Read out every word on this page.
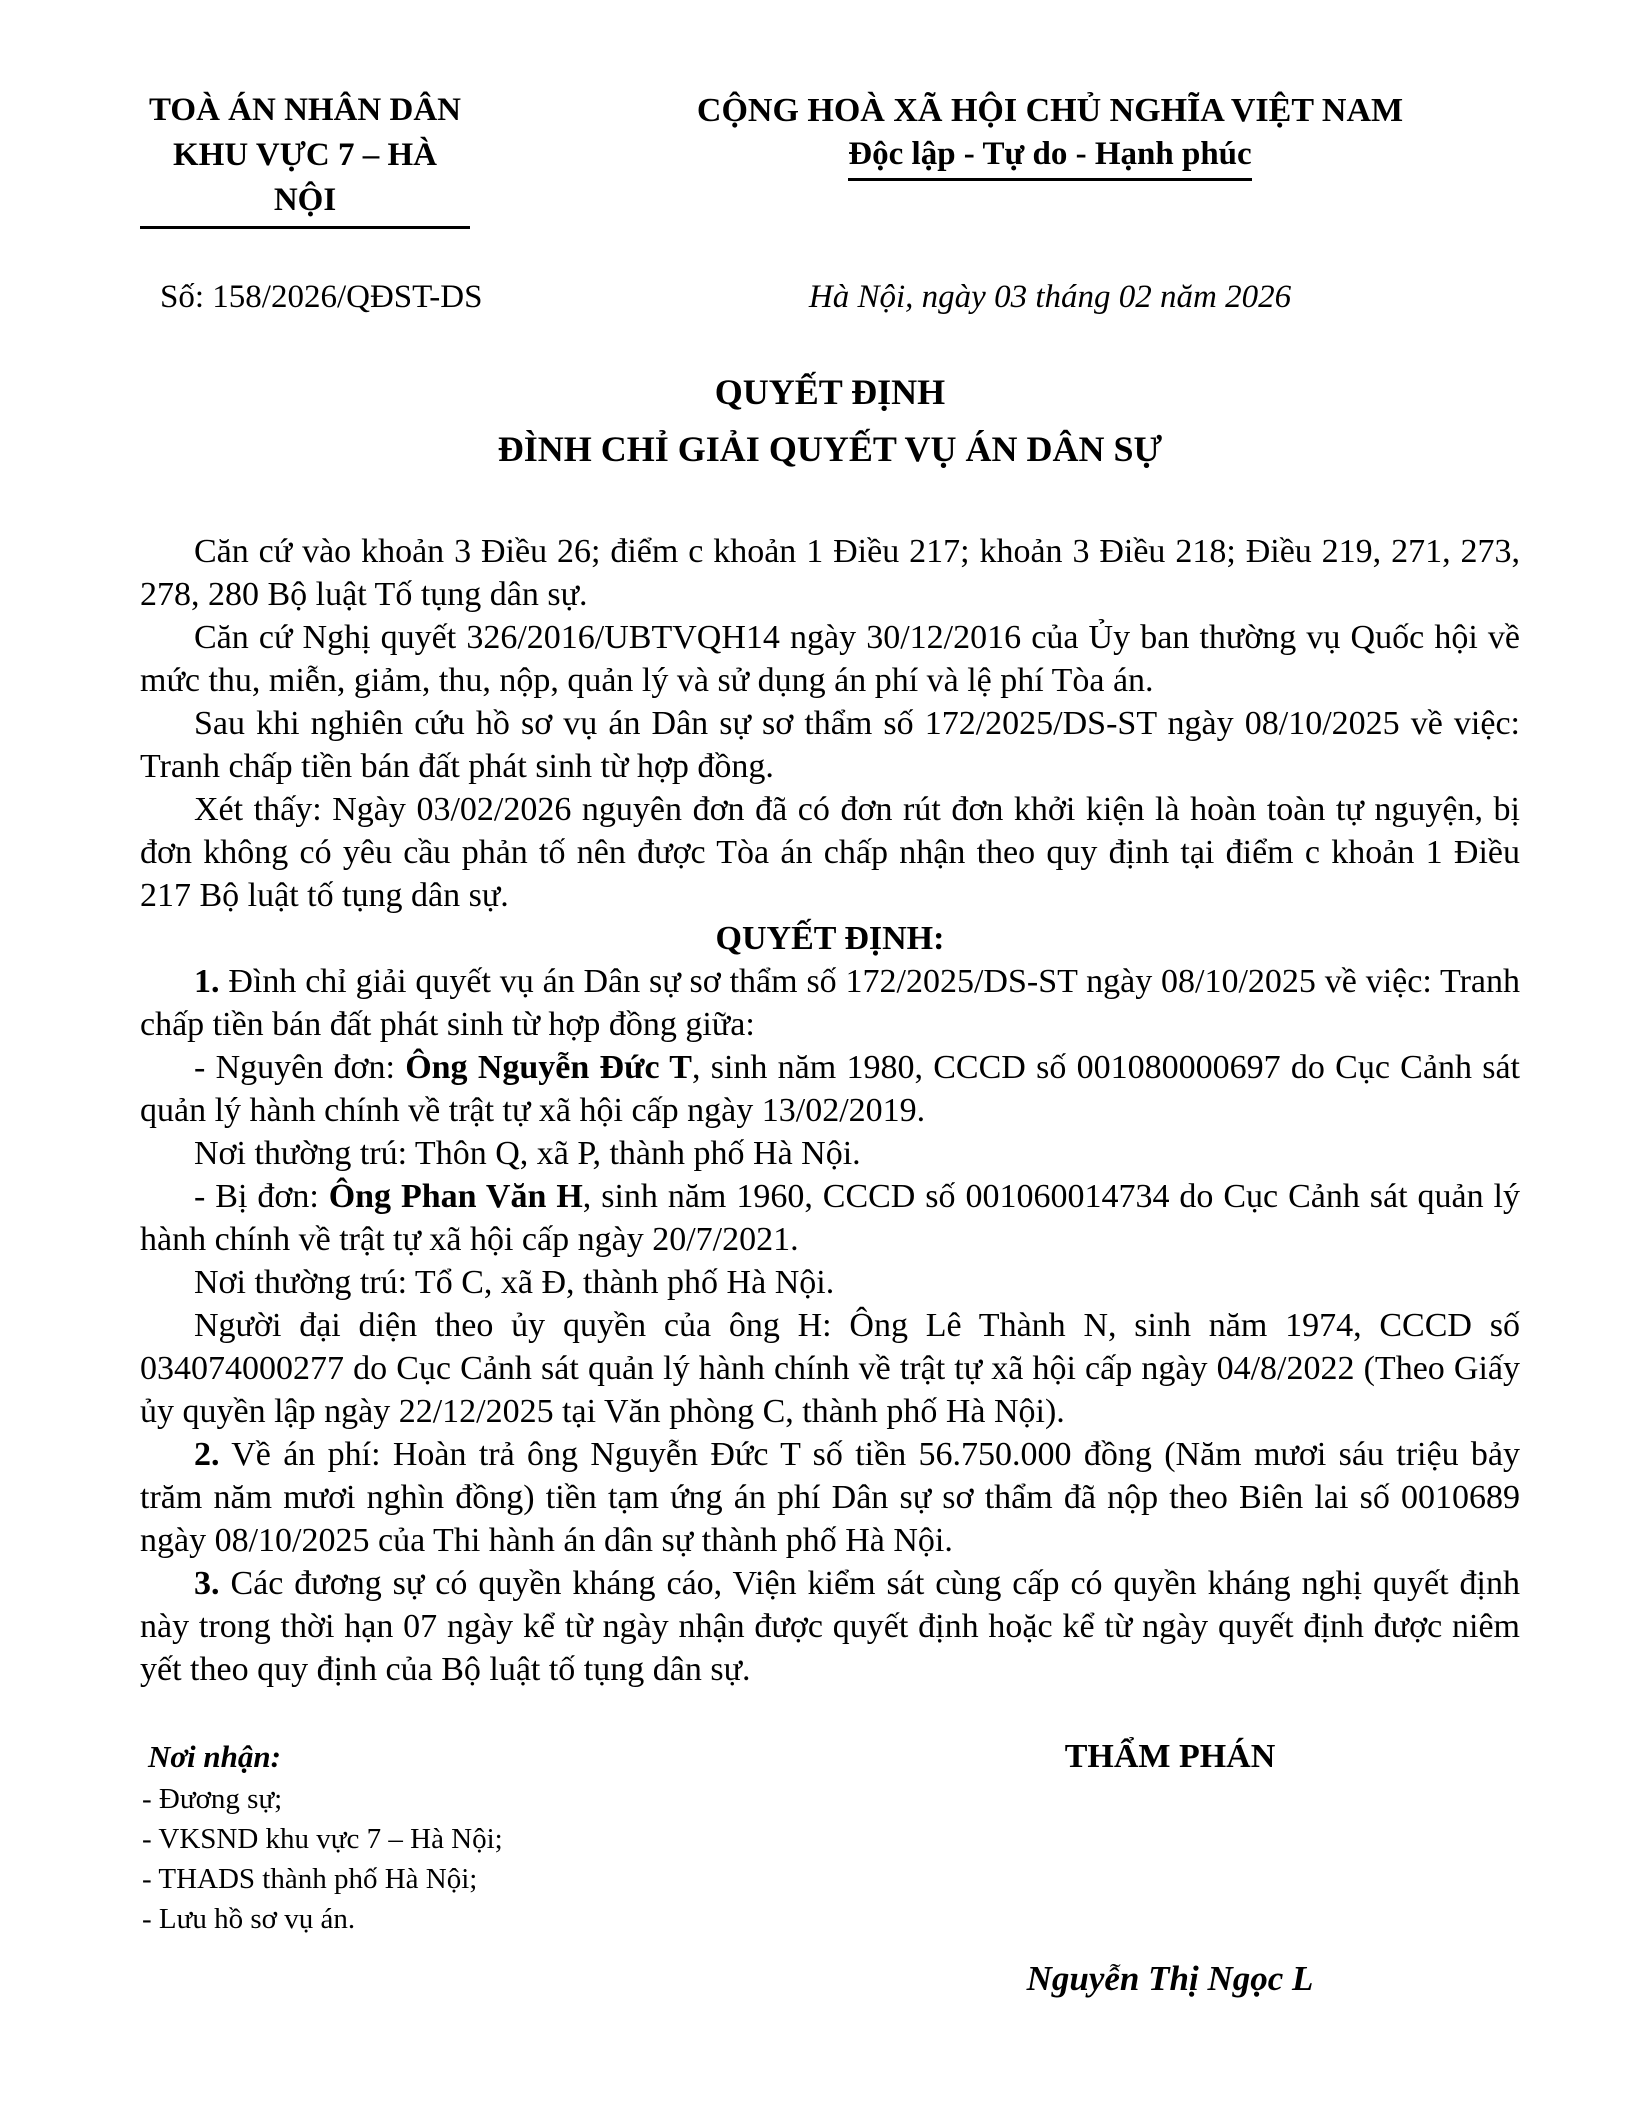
TOÀ ÁN NHÂN DÂN
KHU VỰC 7 – HÀ NỘI
CỘNG HOÀ XÃ HỘI CHỦ NGHĨA VIỆT NAM
Độc lập - Tự do - Hạnh phúc
Số: 158/2026/QĐST-DS	Hà Nội, ngày 03 tháng 02 năm 2026
QUYẾT ĐỊNH
ĐÌNH CHỈ GIẢI QUYẾT VỤ ÁN DÂN SỰ

Căn cứ vào khoản 3 Điều 26; điểm c khoản 1 Điều 217; khoản 3 Điều 218; Điều 219, 271, 273, 278, 280 Bộ luật Tố tụng dân sự.

Căn cứ Nghị quyết 326/2016/UBTVQH14 ngày 30/12/2016 của Ủy ban thường vụ Quốc hội về mức thu, miễn, giảm, thu, nộp, quản lý và sử dụng án phí và lệ phí Tòa án.

Sau khi nghiên cứu hồ sơ vụ án Dân sự sơ thẩm số 172/2025/DS-ST ngày 08/10/2025 về việc: Tranh chấp tiền bán đất phát sinh từ hợp đồng.

Xét thấy: Ngày 03/02/2026 nguyên đơn đã có đơn rút đơn khởi kiện là hoàn toàn tự nguyện, bị đơn không có yêu cầu phản tố nên được Tòa án chấp nhận theo quy định tại điểm c khoản 1 Điều 217 Bộ luật tố tụng dân sự.

QUYẾT ĐỊNH:

1. Đình chỉ giải quyết vụ án Dân sự sơ thẩm số 172/2025/DS-ST ngày 08/10/2025 về việc: Tranh chấp tiền bán đất phát sinh từ hợp đồng giữa:

- Nguyên đơn: Ông Nguyễn Đức T, sinh năm 1980, CCCD số 001080000697 do Cục Cảnh sát quản lý hành chính về trật tự xã hội cấp ngày 13/02/2019.

Nơi thường trú: Thôn Q, xã P, thành phố Hà Nội.

- Bị đơn: Ông Phan Văn H, sinh năm 1960, CCCD số 001060014734 do Cục Cảnh sát quản lý hành chính về trật tự xã hội cấp ngày 20/7/2021.

Nơi thường trú: Tổ C, xã Đ, thành phố Hà Nội.

Người đại diện theo ủy quyền của ông H: Ông Lê Thành N, sinh năm 1974, CCCD số 034074000277 do Cục Cảnh sát quản lý hành chính về trật tự xã hội cấp ngày 04/8/2022 (Theo Giấy ủy quyền lập ngày 22/12/2025 tại Văn phòng C, thành phố Hà Nội).

2. Về án phí: Hoàn trả ông Nguyễn Đức T số tiền 56.750.000 đồng (Năm mươi sáu triệu bảy trăm năm mươi nghìn đồng) tiền tạm ứng án phí Dân sự sơ thẩm đã nộp theo Biên lai số 0010689 ngày 08/10/2025 của Thi hành án dân sự thành phố Hà Nội.

3. Các đương sự có quyền kháng cáo, Viện kiểm sát cùng cấp có quyền kháng nghị quyết định này trong thời hạn 07 ngày kể từ ngày nhận được quyết định hoặc kể từ ngày quyết định được niêm yết theo quy định của Bộ luật tố tụng dân sự.

Nơi nhận:
- Đương sự;
- VKSND khu vực 7 – Hà Nội;
- THADS thành phố Hà Nội;
- Lưu hồ sơ vụ án.
THẨM PHÁN
Nguyễn Thị Ngọc L
